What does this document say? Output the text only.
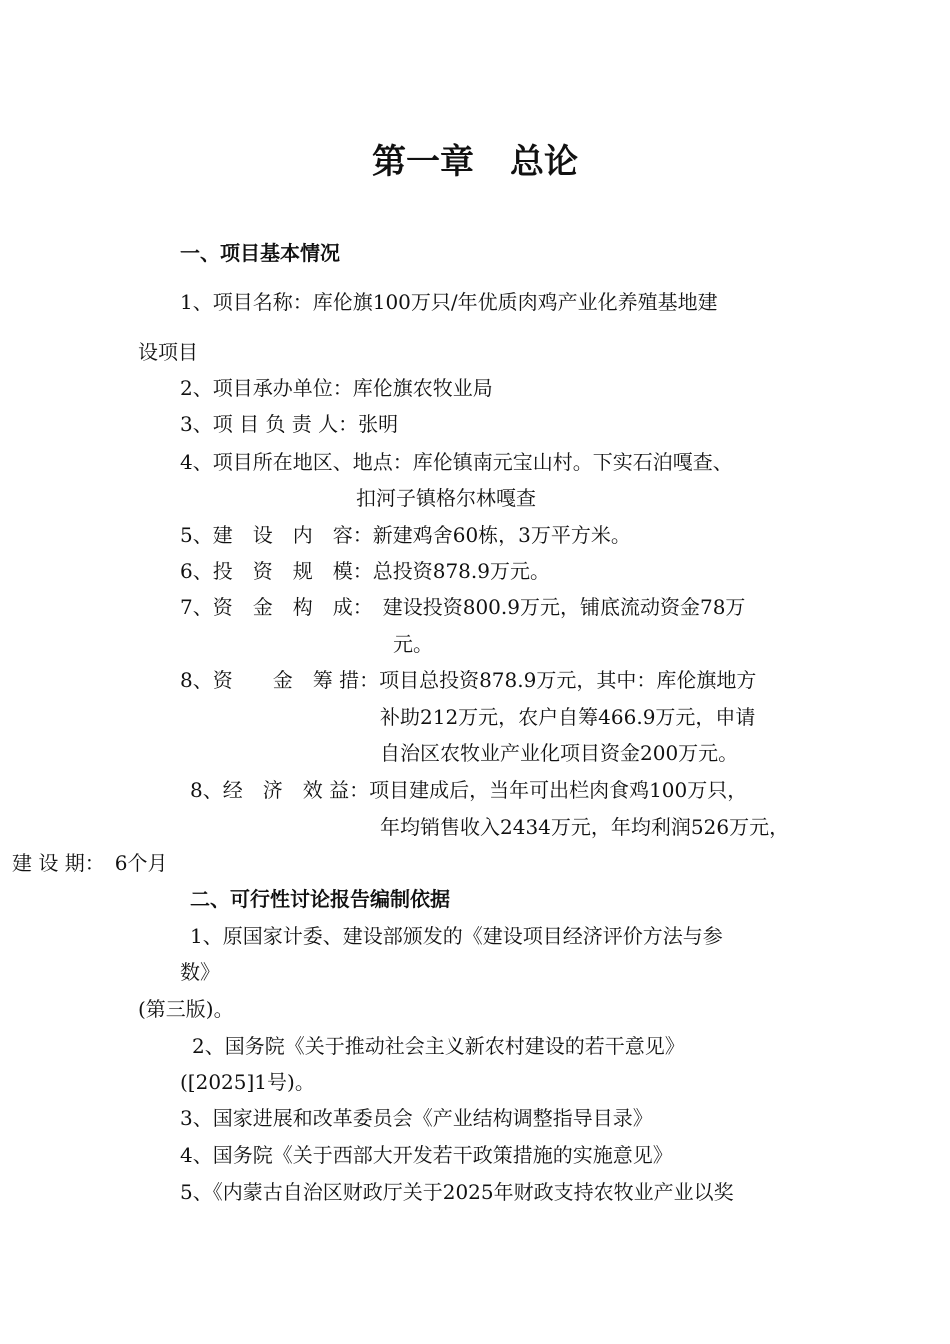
第一章 总论

一、项目基本情况

1、项目名称：库伦旗100万只/年优质肉鸡产业化养殖基地建

设项目

2、项目承办单位：库伦旗农牧业局

3、项 目 负 责 人：张明

4、项目所在地区、地点：库伦镇南元宝山村。下实石泊嘎查、

扣河子镇格尔林嘎查

5、建　设　内　容：新建鸡舍60栋，3万平方米。

6、投　资　规　模：总投资878.9万元。

7、资　金　构　成：　建设投资800.9万元，铺底流动资金78万

元。

8、资　　金　筹 措：项目总投资878.9万元，其中：库伦旗地方

补助212万元，农户自筹466.9万元，申请

自治区农牧业产业化项目资金200万元。

8、经　济　效 益：项目建成后，当年可出栏肉食鸡100万只，

年均销售收入2434万元，年均利润526万元，

建 设 期：　6个月

二、可行性讨论报告编制依据

1、原国家计委、建设部颁发的《建设项目经济评价方法与参

数》

(第三版)。

2、国务院《关于推动社会主义新农村建设的若干意见》

([2025]1号)。

3、国家进展和改革委员会《产业结构调整指导目录》

4、国务院《关于西部大开发若干政策措施的实施意见》

5、《内蒙古自治区财政厅关于2025年财政支持农牧业产业以奖
